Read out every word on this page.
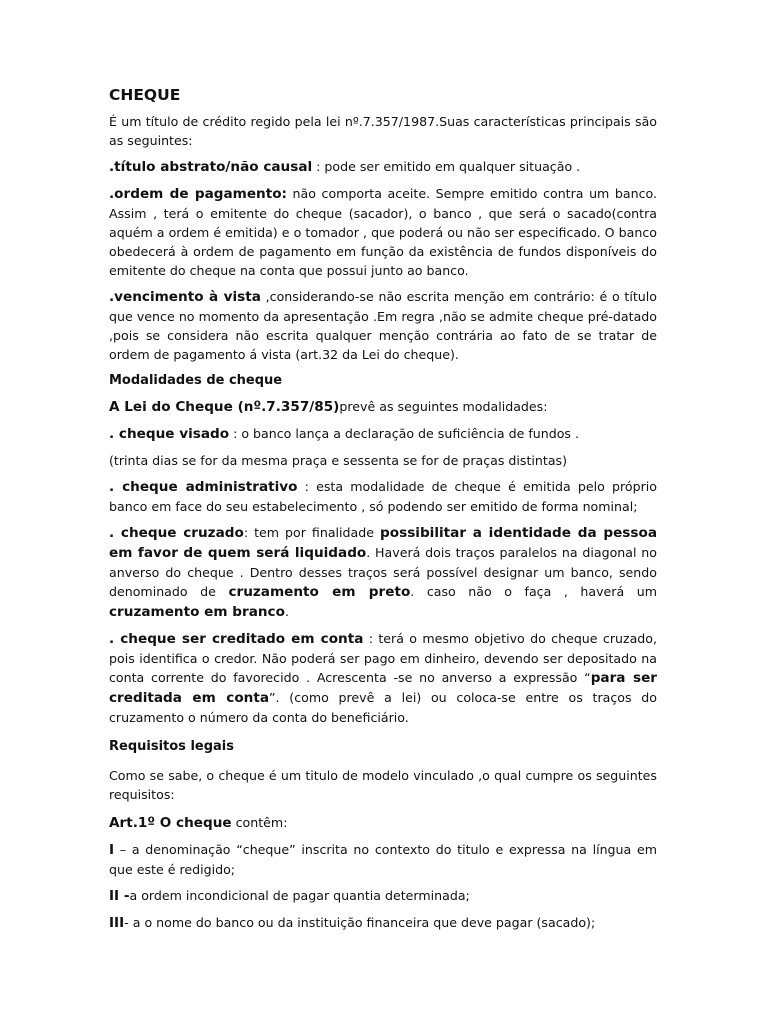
CHEQUE

É um título de crédito regido pela lei nº.7.357/1987.Suas características principais são as seguintes:

.título abstrato/não causal : pode ser emitido em qualquer situação .

.ordem de pagamento: não comporta aceite. Sempre emitido contra um banco. Assim , terá o emitente do cheque (sacador), o banco , que será o sacado(contra aquém a ordem é emitida) e o tomador , que poderá ou não ser especificado. O banco obedecerá à ordem de pagamento em função da existência de fundos disponíveis do emitente do cheque na conta que possui junto ao banco.

.vencimento à vista ,considerando-se não escrita menção em contrário: é o título que vence no momento da apresentação .Em regra ,não se admite cheque pré-datado ,pois se considera não escrita qualquer menção contrária ao fato de se tratar de ordem de pagamento á vista (art.32 da Lei do cheque).

Modalidades de cheque

A Lei do Cheque (nº.7.357/85)prevê as seguintes modalidades:

. cheque visado : o banco lança a declaração de suficiência de fundos .

(trinta dias se for da mesma praça e sessenta se for de praças distintas)

. cheque administrativo : esta modalidade de cheque é emitida pelo próprio banco em face do seu estabelecimento , só podendo ser emitido de forma nominal;

. cheque cruzado: tem por finalidade possibilitar a identidade da pessoa em favor de quem será liquidado. Haverá dois traços paralelos na diagonal no anverso do cheque . Dentro desses traços será possível designar um banco, sendo denominado de cruzamento em preto. caso não o faça , haverá um cruzamento em branco.

. cheque ser creditado em conta : terá o mesmo objetivo do cheque cruzado, pois identifica o credor. Não poderá ser pago em dinheiro, devendo ser depositado na conta corrente do favorecido . Acrescenta -se no anverso a expressão “para ser creditada em conta”. (como prevê a lei) ou coloca-se entre os traços do cruzamento o número da conta do beneficiário.

Requisitos legais

Como se sabe, o cheque é um titulo de modelo vinculado ,o qual cumpre os seguintes requisitos:

Art.1º O cheque contêm:

I – a denominação “cheque” inscrita no contexto do titulo e expressa na língua em que este é redigido;

II -a ordem incondicional de pagar quantia determinada;

III- a o nome do banco ou da instituição financeira que deve pagar (sacado);
